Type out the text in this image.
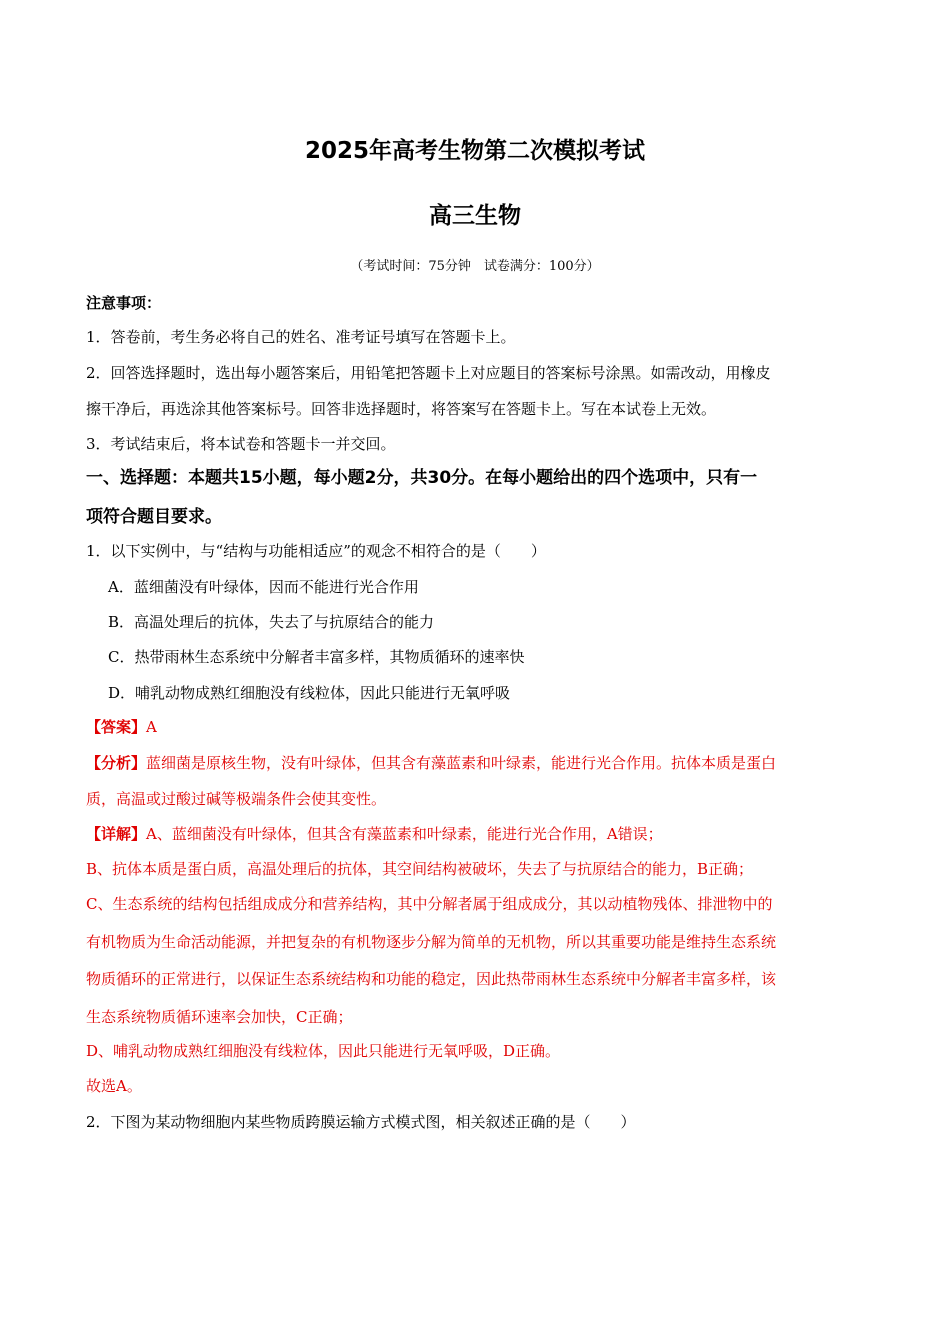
2025年高考生物第二次模拟考试
高三生物
（考试时间：75分钟　试卷满分：100分）
注意事项：
1．答卷前，考生务必将自己的姓名、准考证号填写在答题卡上。
2．回答选择题时，选出每小题答案后，用铅笔把答题卡上对应题目的答案标号涂黑。如需改动，用橡皮
擦干净后，再选涂其他答案标号。回答非选择题时，将答案写在答题卡上。写在本试卷上无效。
3．考试结束后，将本试卷和答题卡一并交回。
一、选择题：本题共15小题，每小题2分，共30分。在每小题给出的四个选项中，只有一
项符合题目要求。
1．以下实例中，与“结构与功能相适应”的观念不相符合的是（　　）
A．蓝细菌没有叶绿体，因而不能进行光合作用
B．高温处理后的抗体，失去了与抗原结合的能力
C．热带雨林生态系统中分解者丰富多样，其物质循环的速率快
D．哺乳动物成熟红细胞没有线粒体，因此只能进行无氧呼吸
【答案】A
【分析】蓝细菌是原核生物，没有叶绿体，但其含有藻蓝素和叶绿素，能进行光合作用。抗体本质是蛋白
质，高温或过酸过碱等极端条件会使其变性。
【详解】A、蓝细菌没有叶绿体，但其含有藻蓝素和叶绿素，能进行光合作用，A错误；
B、抗体本质是蛋白质，高温处理后的抗体，其空间结构被破坏，失去了与抗原结合的能力，B正确；
C、生态系统的结构包括组成成分和营养结构，其中分解者属于组成成分，其以动植物残体、排泄物中的
有机物质为生命活动能源，并把复杂的有机物逐步分解为简单的无机物，所以其重要功能是维持生态系统
物质循环的正常进行，以保证生态系统结构和功能的稳定，因此热带雨林生态系统中分解者丰富多样，该
生态系统物质循环速率会加快，C正确；
D、哺乳动物成熟红细胞没有线粒体，因此只能进行无氧呼吸，D正确。
故选A。
2．下图为某动物细胞内某些物质跨膜运输方式模式图，相关叙述正确的是（　　）
